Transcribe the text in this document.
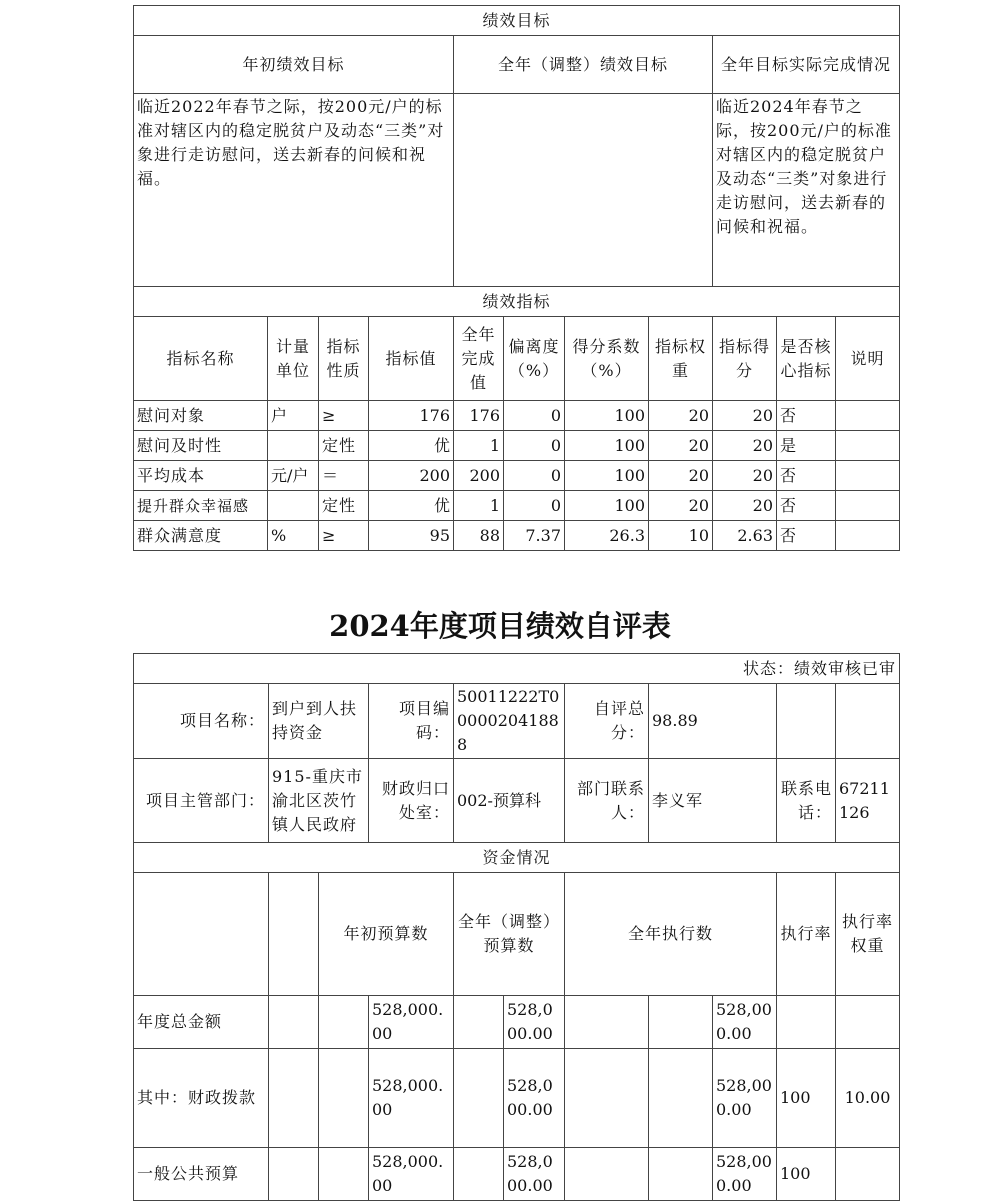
绩效目标										
年初绩效目标				全年（调整）绩效目标				全年目标实际完成情况		
临近2022年春节之际，按200元/户的标准对辖区内的稳定脱贫户及动态“三类”对象进行走访慰问，送去新春的问候和祝福。								临近2024年春节之际，按200元/户的标准对辖区内的稳定脱贫户及动态“三类”对象进行走访慰问，送去新春的问候和祝福。		
绩效指标										
指标名称	计量单位	指标性质	指标值	全年完成值	偏离度（%）	得分系数（%）	指标权重	指标得分	是否核心指标	说明
慰问对象	户	≥	176	176	0	100	20	20	否	
慰问及时性		定性	优	1	0	100	20	20	是	
平均成本	元/户	＝	200	200	0	100	20	20	否	
提升群众幸福感		定性	优	1	0	100	20	20	否	
群众满意度	%	≥	95	88	7.37	26.3	10	2.63	否	
2024年度项目绩效自评表
状态：绩效审核已审											
项目名称：	到户到人扶持资金		项目编码：	50011222T000002041888		自评总分：	98.89				
项目主管部门：	915-重庆市渝北区茨竹镇人民政府		财政归口处室：	002-预算科		部门联系人：	李义军		联系电话：	67211126	
资金情况											
		年初预算数		全年（调整）预算数		全年执行数			执行率	执行率权重	
年度总金额			528,000.00		528,000.00			528,000.00			
其中：财政拨款			528,000.00		528,000.00			528,000.00	100	10.00	
一般公共预算			528,000.00		528,000.00			528,000.00	100		
